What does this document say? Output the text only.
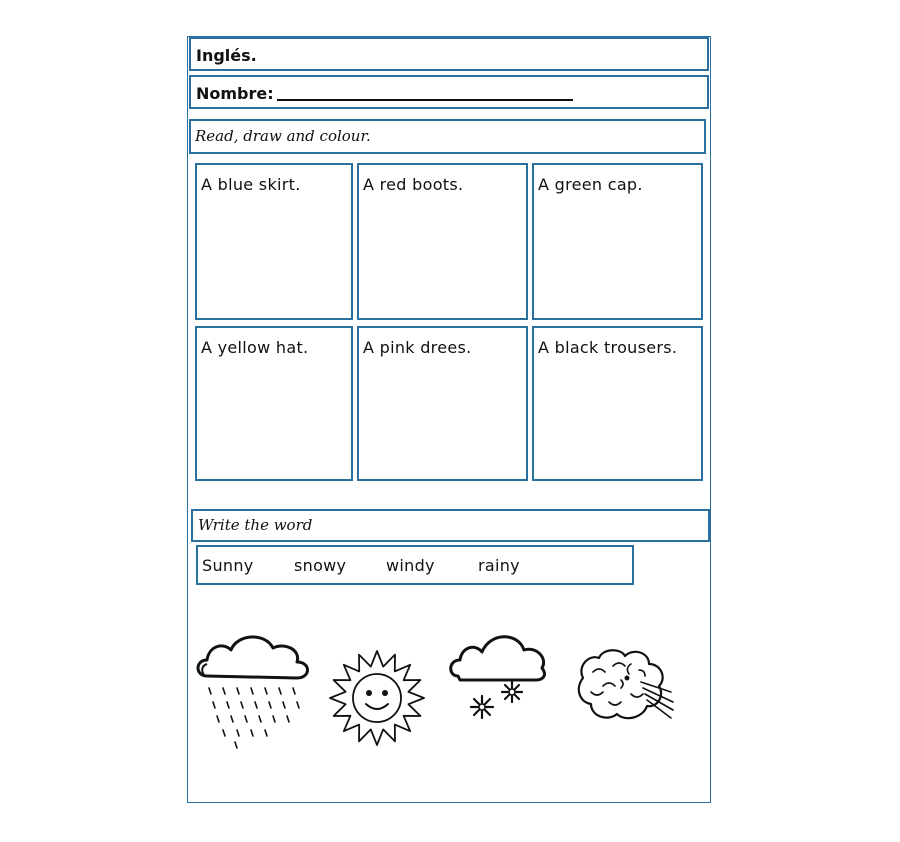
Inglés.
Nombre:
Read, draw and colour.
A blue skirt.	A red boots.	A green cap.
A yellow hat.	A pink drees.	A black trousers.
Write the word
Sunny	snowy windy	rainy
